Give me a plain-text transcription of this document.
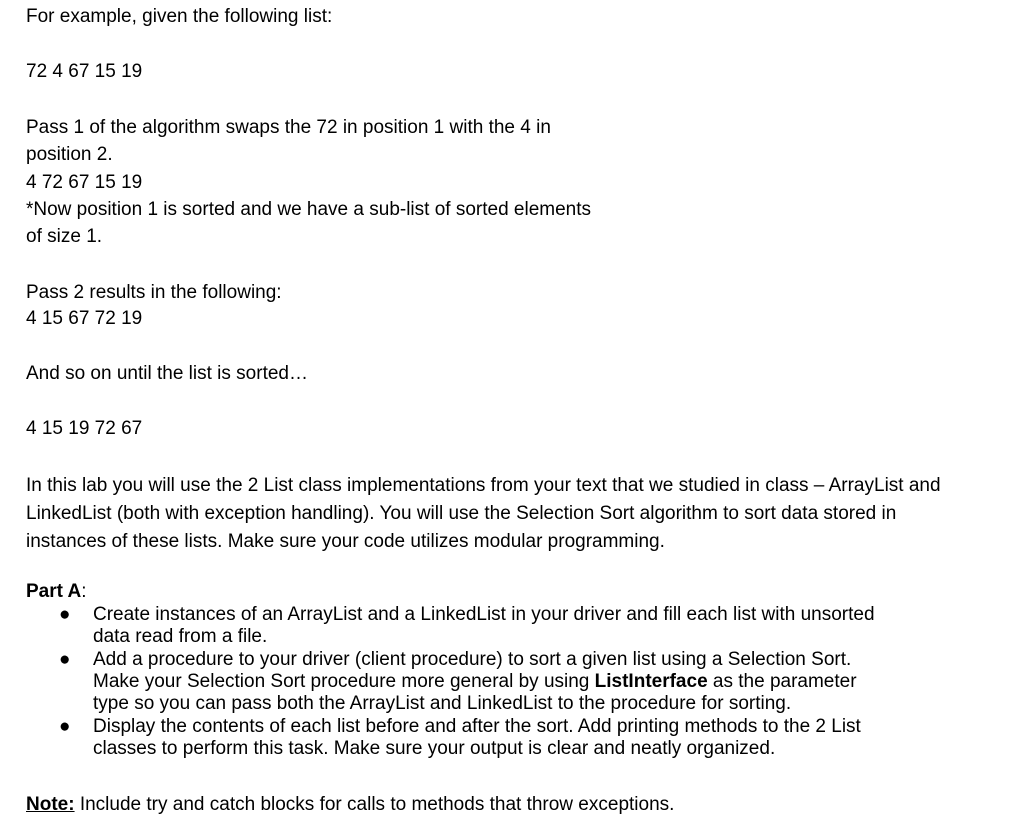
For example, given the following list:
72 4 67 15 19
Pass 1 of the algorithm swaps the 72 in position 1 with the 4 in
position 2.
4 72 67 15 19
*Now position 1 is sorted and we have a sub-list of sorted elements
of size 1.
Pass 2 results in the following:
4 15 67 72 19
And so on until the list is sorted…
4 15 19 72 67
In this lab you will use the 2 List class implementations from your text that we studied in class – ArrayList and
LinkedList (both with exception handling). You will use the Selection Sort algorithm to sort data stored in
instances of these lists. Make sure your code utilizes modular programming.
Part A:
● Create instances of an ArrayList and a LinkedList in your driver and fill each list with unsorted
data read from a file.
● Add a procedure to your driver (client procedure) to sort a given list using a Selection Sort.
Make your Selection Sort procedure more general by using ListInterface as the parameter
type so you can pass both the ArrayList and LinkedList to the procedure for sorting.
● Display the contents of each list before and after the sort. Add printing methods to the 2 List
classes to perform this task. Make sure your output is clear and neatly organized.
Note: Include try and catch blocks for calls to methods that throw exceptions.
